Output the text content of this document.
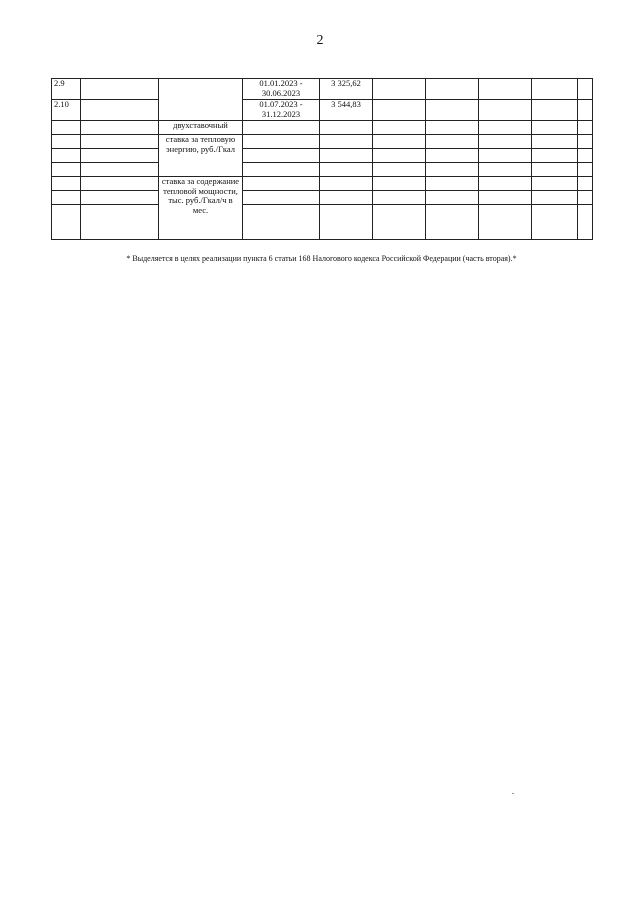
2
2.9			01.01.2023 - 30.06.2023	3 325,62					
2.10			01.07.2023 - 31.12.2023	3 544,83					
		двухставочный							
		ставка за тепловую энергию, руб./Гкал							

		ставка за содержание тепловой мощности, тыс. руб./Гкал/ч в мес.							

* Выделяется в целях реализации пункта 6 статьи 168 Налогового кодекса Российской Федерации (часть вторая).*
